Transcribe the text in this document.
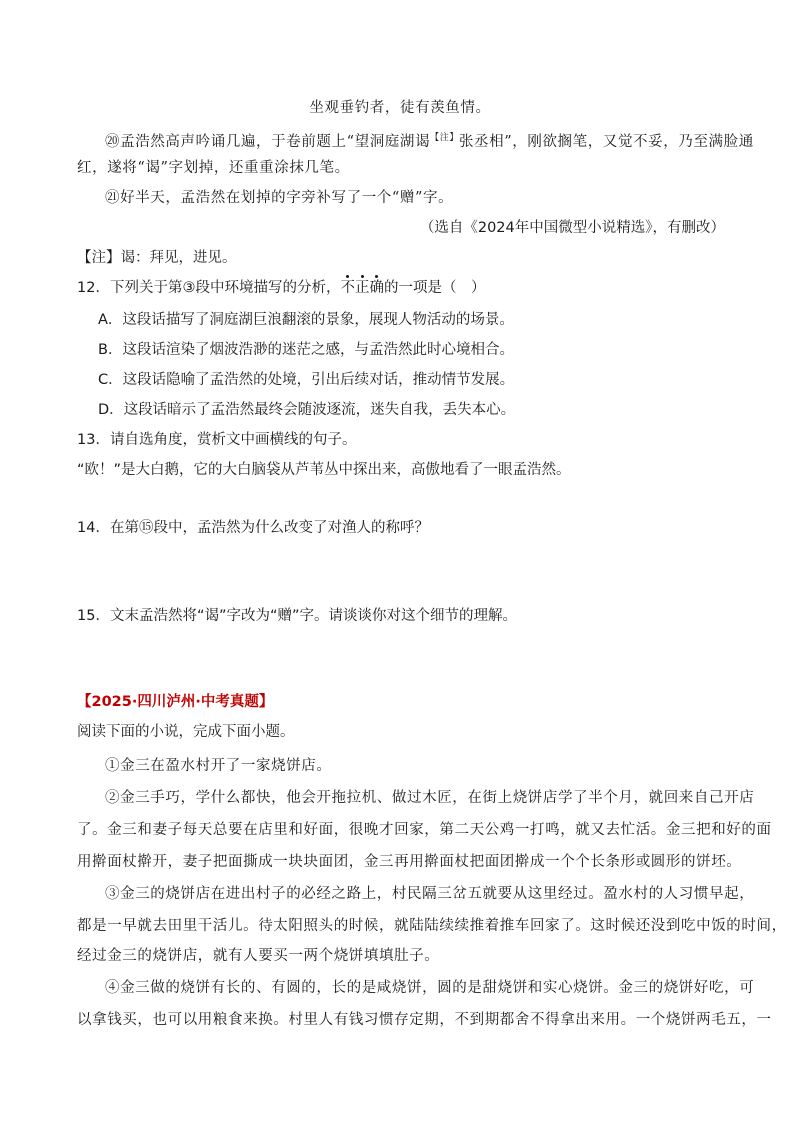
坐观垂钓者，徒有羡鱼情。
⑳孟浩然高声吟诵几遍，于卷前题上“望洞庭湖谒$^{【注】}$张丞相”，刚欲搁笔，又觉不妥，乃至满脸通
红，遂将“谒”字划掉，还重重涂抹几笔。
㉑好半天，孟浩然在划掉的字旁补写了一个“赠”字。
（选自《2024年中国微型小说精选》，有删改）
【注】谒：拜见，进见。
12．下列关于第③段中环境描写的分析，不正确的一项是（　）
A．这段话描写了洞庭湖巨浪翻滚的景象，展现人物活动的场景。
B．这段话渲染了烟波浩渺的迷茫之感，与孟浩然此时心境相合。
C．这段话隐喻了孟浩然的处境，引出后续对话，推动情节发展。
D．这段话暗示了孟浩然最终会随波逐流，迷失自我，丢失本心。
13．请自选角度，赏析文中画横线的句子。
“欧！”是大白鹅，它的大白脑袋从芦苇丛中探出来，高傲地看了一眼孟浩然。
14．在第⑮段中，孟浩然为什么改变了对渔人的称呼？
15．文末孟浩然将“谒”字改为“赠”字。请谈谈你对这个细节的理解。
【2025·四川泸州·中考真题】
阅读下面的小说，完成下面小题。
①金三在盈水村开了一家烧饼店。
②金三手巧，学什么都快，他会开拖拉机、做过木匠，在街上烧饼店学了半个月，就回来自己开店
了。金三和妻子每天总要在店里和好面，很晚才回家，第二天公鸡一打鸣，就又去忙活。金三把和好的面
用擀面杖擀开，妻子把面撕成一块块面团，金三再用擀面杖把面团擀成一个个长条形或圆形的饼坯。
③金三的烧饼店在进出村子的必经之路上，村民隔三岔五就要从这里经过。盈水村的人习惯早起，
都是一早就去田里干活儿。待太阳照头的时候，就陆陆续续推着推车回家了。这时候还没到吃中饭的时间，
经过金三的烧饼店，就有人要买一两个烧饼填填肚子。
④金三做的烧饼有长的、有圆的，长的是咸烧饼，圆的是甜烧饼和实心烧饼。金三的烧饼好吃，可
以拿钱买，也可以用粮食来换。村里人有钱习惯存定期，不到期都舍不得拿出来用。一个烧饼两毛五，一
